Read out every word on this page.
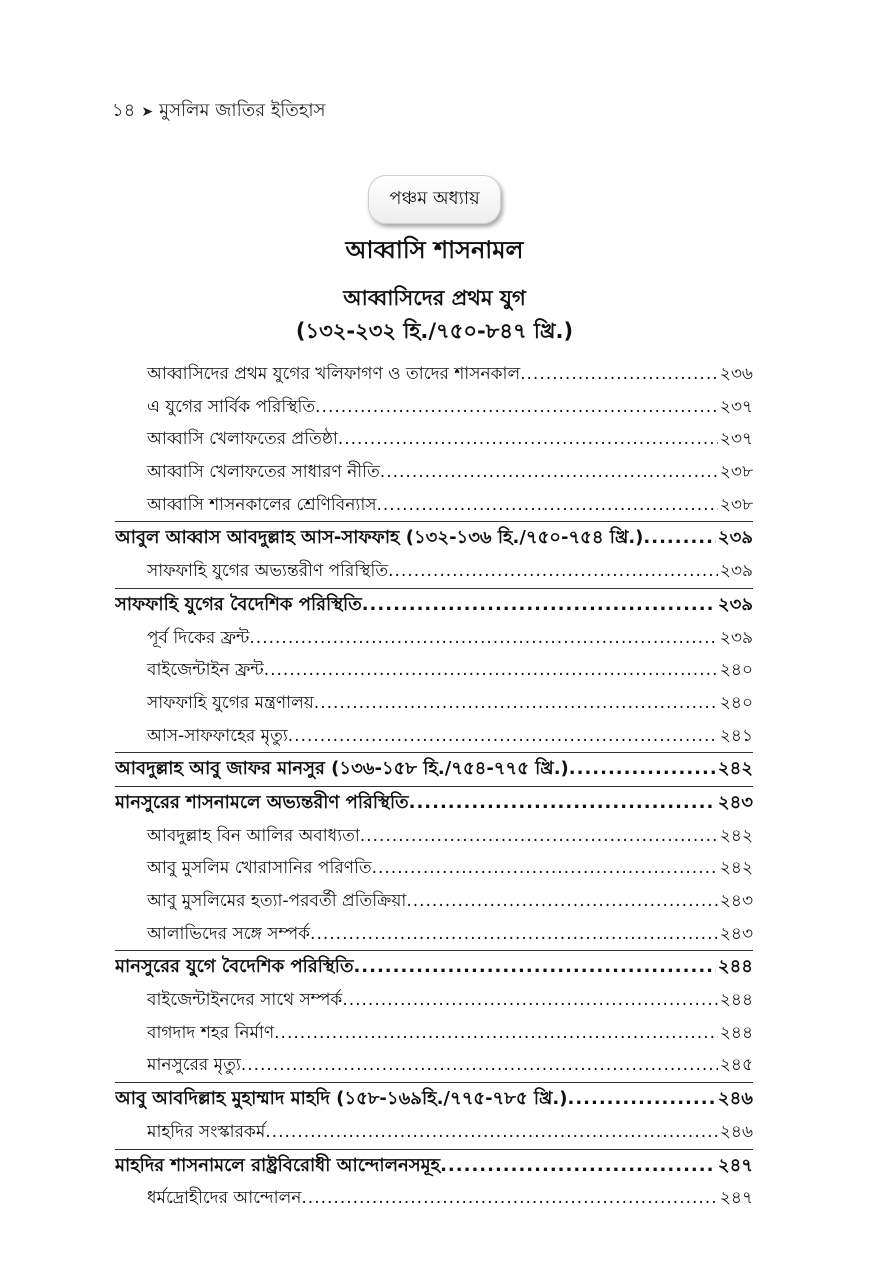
১৪ ➤ মুসলিম জাতির ইতিহাস
পঞ্চম অধ্যায়
আব্বাসি শাসনামল
আব্বাসিদের প্রথম যুগ
(১৩২-২৩২ হি./৭৫০-৮৪৭ খ্রি.)
আব্বাসিদের প্রথম যুগের খলিফাগণ ও তাদের শাসনকাল .....	২৩৬
এ যুগের সার্বিক পরিস্থিতি .....	২৩৭
আব্বাসি খেলাফতের প্রতিষ্ঠা .....	২৩৭
আব্বাসি খেলাফতের সাধারণ নীতি .....	২৩৮
আব্বাসি শাসনকালের শ্রেণিবিন্যাস .....	২৩৮
আবুল আব্বাস আবদুল্লাহ আস-সাফফাহ (১৩২-১৩৬ হি./৭৫০-৭৫৪ খ্রি.) .....	২৩৯
সাফফাহি যুগের অভ্যন্তরীণ পরিস্থিতি .....	২৩৯
সাফফাহি যুগের বৈদেশিক পরিস্থিতি .....	২৩৯
পূর্ব দিকের ফ্রন্ট .....	২৩৯
বাইজেন্টাইন ফ্রন্ট .....	২৪০
সাফফাহি যুগের মন্ত্রণালয় .....	২৪০
আস-সাফফাহের মৃত্যু .....	২৪১
আবদুল্লাহ আবু জাফর মানসুর (১৩৬-১৫৮ হি./৭৫৪-৭৭৫ খ্রি.) .....	২৪২
মানসুরের শাসনামলে অভ্যন্তরীণ পরিস্থিতি .....	২৪৩
আবদুল্লাহ বিন আলির অবাধ্যতা .....	২৪২
আবু মুসলিম খোরাসানির পরিণতি .....	২৪২
আবু মুসলিমের হত্যা-পরবর্তী প্রতিক্রিয়া .....	২৪৩
আলাভিদের সঙ্গে সম্পর্ক .....	২৪৩
মানসুরের যুগে বৈদেশিক পরিস্থিতি .....	২৪৪
বাইজেন্টাইনদের সাথে সম্পর্ক .....	২৪৪
বাগদাদ শহর নির্মাণ .....	২৪৪
মানসুরের মৃত্যু .....	২৪৫
আবু আবদিল্লাহ মুহাম্মাদ মাহদি (১৫৮-১৬৯হি./৭৭৫-৭৮৫ খ্রি.) .....	২৪৬
মাহদির সংস্কারকর্ম .....	২৪৬
মাহদির শাসনামলে রাষ্ট্রবিরোধী আন্দোলনসমূহ .....	২৪৭
ধর্মদ্রোহীদের আন্দোলন .....	২৪৭
